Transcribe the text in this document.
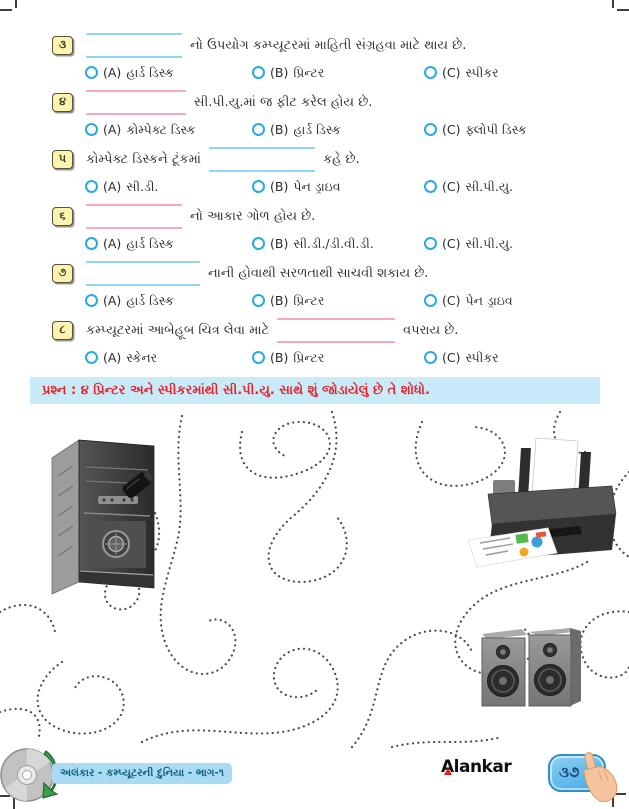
૩	નો ઉપયોગ કમ્પ્યૂટરમાં માહિતી સંગ્રહવા માટે થાય છે.
(A) હાર્ડ ડિસ્ક	(B) પ્રિન્ટર	(C) સ્પીકર
૪	સી.પી.યુ.માં જ ફીટ કરેલ હોય છે.
(A) કોમ્પેક્ટ ડિસ્ક	(B) હાર્ડ ડિસ્ક	(C) ફ્લોપી ડિસ્ક
૫	કોમ્પેક્ટ ડિસ્કને ટૂંકમાં	કહે છે.
(A) સી.ડી.	(B) પેન ડ્રાઇવ	(C) સી.પી.યુ.
૬	નો આકાર ગોળ હોય છે.
(A) હાર્ડ ડિસ્ક	(B) સી.ડી./ડી.વી.ડી.	(C) સી.પી.યુ.
૭	નાની હોવાથી સરળતાથી સાચવી શકાય છે.
(A) હાર્ડ ડિસ્ક	(B) પ્રિન્ટર	(C) પેન ડ્રાઇવ
૮	કમ્પ્યૂટરમાં આબેહૂબ ચિત્ર લેવા માટે	વપરાય છે.
(A) સ્કેનર	(B) પ્રિન્ટર	(C) સ્પીકર
પ્રશ્ન : ૪ પ્રિન્ટર અને સ્પીકરમાંથી સી.પી.યુ. સાથે શું જોડાયેલું છે તે શોધો.
અલંકાર - કમ્પ્યૂટરની દુનિયા - ભાગ-૧	Alankar	૩૭
